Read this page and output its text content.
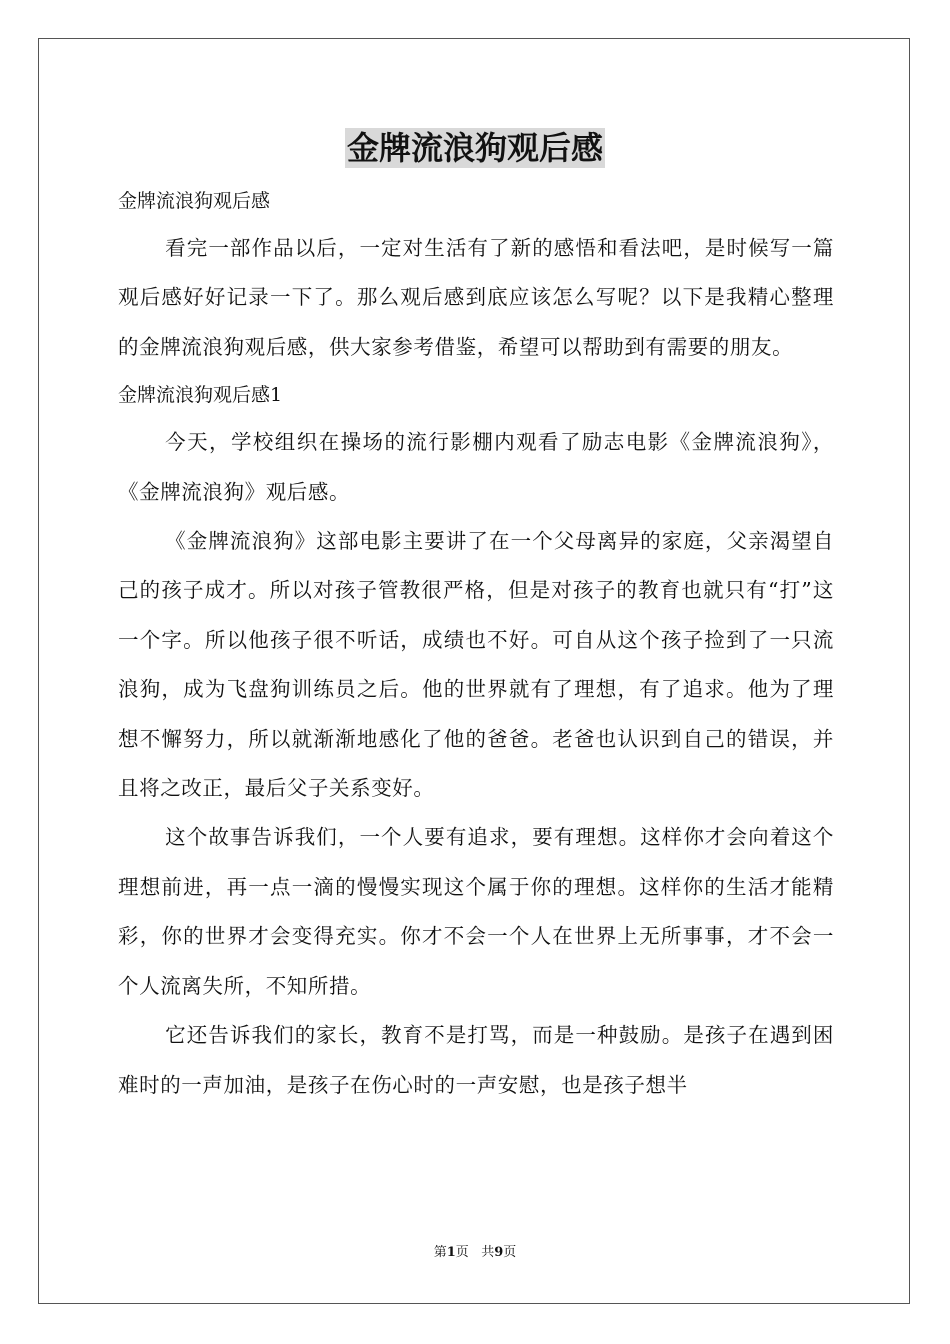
金牌流浪狗观后感

金牌流浪狗观后感

看完一部作品以后，一定对生活有了新的感悟和看法吧，是时候写一篇观后感好好记录一下了。那么观后感到底应该怎么写呢？以下是我精心整理的金牌流浪狗观后感，供大家参考借鉴，希望可以帮助到有需要的朋友。

金牌流浪狗观后感1

今天，学校组织在操场的流行影棚内观看了励志电影《金牌流浪狗》，《金牌流浪狗》观后感。

《金牌流浪狗》这部电影主要讲了在一个父母离异的家庭，父亲渴望自己的孩子成才。所以对孩子管教很严格，但是对孩子的教育也就只有“打”这一个字。所以他孩子很不听话，成绩也不好。可自从这个孩子捡到了一只流浪狗，成为飞盘狗训练员之后。他的世界就有了理想，有了追求。他为了理想不懈努力，所以就渐渐地感化了他的爸爸。老爸也认识到自己的错误，并且将之改正，最后父子关系变好。

这个故事告诉我们，一个人要有追求，要有理想。这样你才会向着这个理想前进，再一点一滴的慢慢实现这个属于你的理想。这样你的生活才能精彩，你的世界才会变得充实。你才不会一个人在世界上无所事事，才不会一个人流离失所，不知所措。

它还告诉我们的家长，教育不是打骂，而是一种鼓励。是孩子在遇到困难时的一声加油，是孩子在伤心时的一声安慰，也是孩子想半

第1页 共9页
